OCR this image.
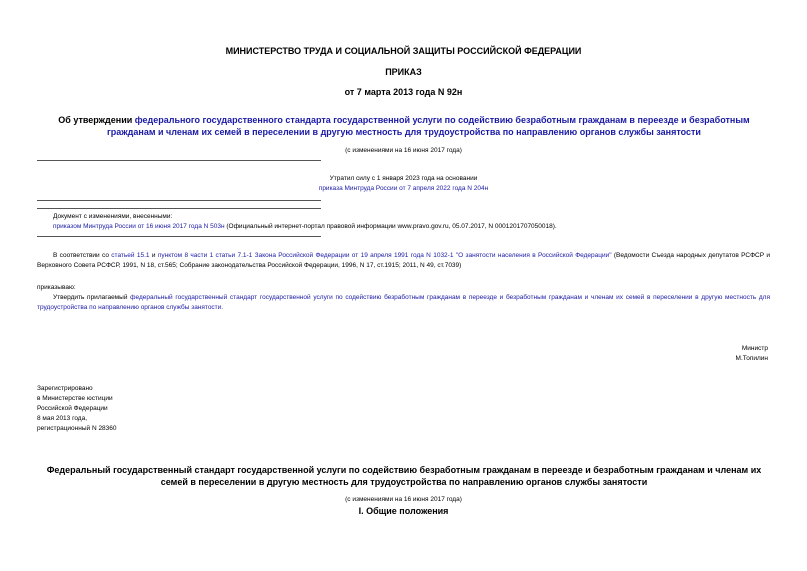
МИНИСТЕРСТВО ТРУДА И СОЦИАЛЬНОЙ ЗАЩИТЫ РОССИЙСКОЙ ФЕДЕРАЦИИ
ПРИКАЗ
от 7 марта 2013 года N 92н
Об утверждении федерального государственного стандарта государственной услуги по содействию безработным гражданам в переезде и безработным гражданам и членам их семей в переселении в другую местность для трудоустройства по направлению органов службы занятости
(с изменениями на 16 июня 2017 года)
Утратил силу с 1 января 2023 года на основании
приказа Минтруда России от 7 апреля 2022 года N 204н
Документ с изменениями, внесенными:
приказом Минтруда России от 16 июня 2017 года N 503н (Официальный интернет-портал правовой информации www.pravo.gov.ru, 05.07.2017, N 0001201707050018).
В соответствии со статьей 15.1 и пунктом 8 части 1 статьи 7.1-1 Закона Российской Федерации от 19 апреля 1991 года N 1032-1 "О занятости населения в Российской Федерации" (Ведомости Съезда народных депутатов РСФСР и Верховного Совета РСФСР, 1991, N 18, ст.565; Собрание законодательства Российской Федерации, 1996, N 17, ст.1915; 2011, N 49, ст.7039)
приказываю:
Утвердить прилагаемый федеральный государственный стандарт государственной услуги по содействию безработным гражданам в переезде и безработным гражданам и членам их семей в переселении в другую местность для трудоустройства по направлению органов службы занятости.
Министр
М.Топилин
Зарегистрировано
в Министерстве юстиции
Российской Федерации
8 мая 2013 года,
регистрационный N 28360
Федеральный государственный стандарт государственной услуги по содействию безработным гражданам в переезде и безработным гражданам и членам их семей в переселении в другую местность для трудоустройства по направлению органов службы занятости
(с изменениями на 16 июня 2017 года)
I. Общие положения
